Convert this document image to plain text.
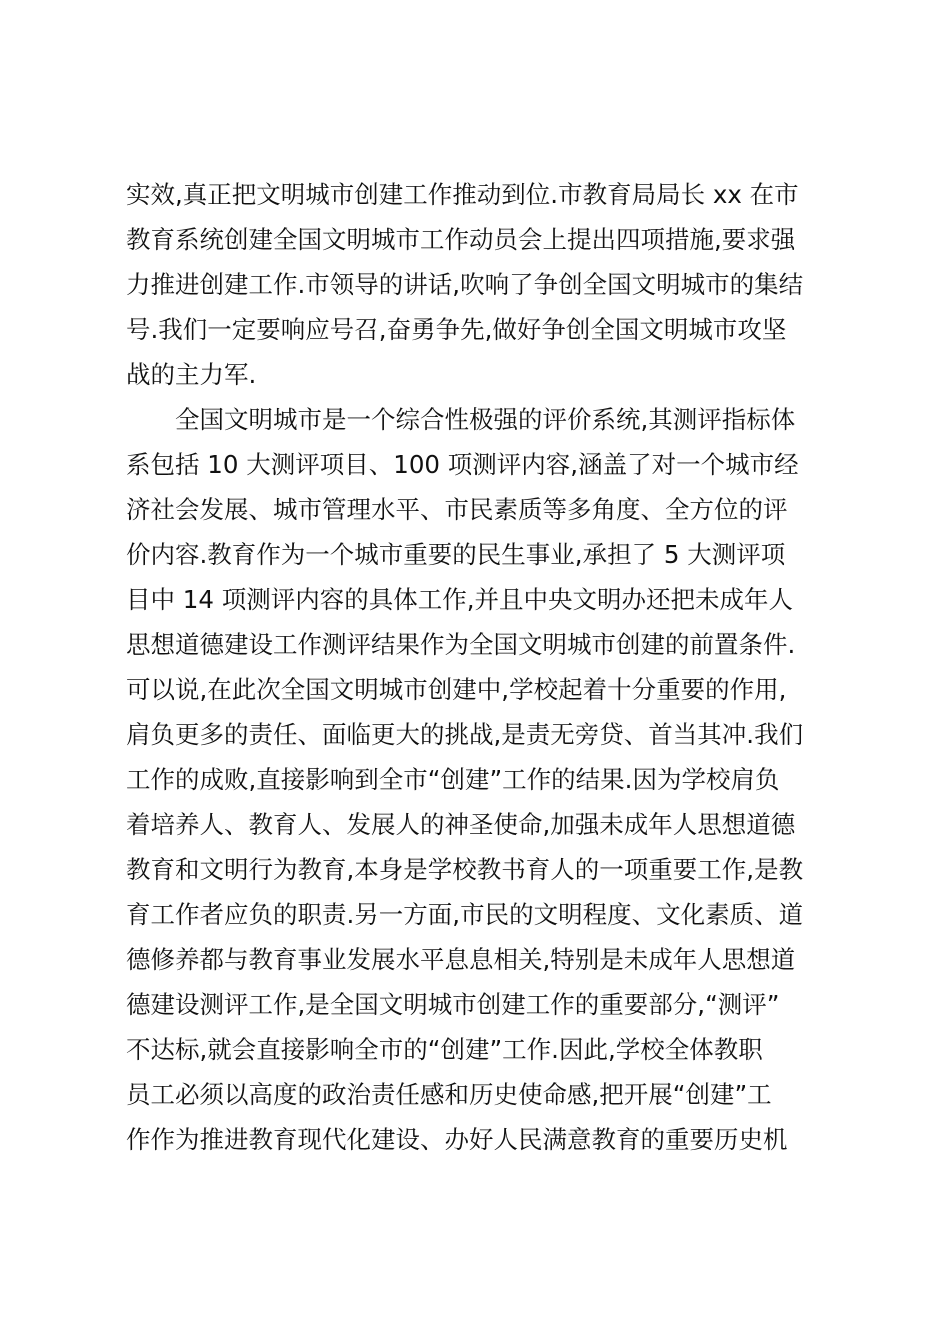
实效,真正把文明城市创建工作推动到位.市教育局局长 xx 在市

教育系统创建全国文明城市工作动员会上提出四项措施,要求强

力推进创建工作.市领导的讲话,吹响了争创全国文明城市的集结

号.我们一定要响应号召,奋勇争先,做好争创全国文明城市攻坚

战的主力军.

　　全国文明城市是一个综合性极强的评价系统,其测评指标体

系包括 10 大测评项目、100 项测评内容,涵盖了对一个城市经

济社会发展、城市管理水平、市民素质等多角度、全方位的评

价内容.教育作为一个城市重要的民生事业,承担了 5 大测评项

目中 14 项测评内容的具体工作,并且中央文明办还把未成年人

思想道德建设工作测评结果作为全国文明城市创建的前置条件.

可以说,在此次全国文明城市创建中,学校起着十分重要的作用,

肩负更多的责任、面临更大的挑战,是责无旁贷、首当其冲.我们

工作的成败,直接影响到全市“创建”工作的结果.因为学校肩负

着培养人、教育人、发展人的神圣使命,加强未成年人思想道德

教育和文明行为教育,本身是学校教书育人的一项重要工作,是教

育工作者应负的职责.另一方面,市民的文明程度、文化素质、道

德修养都与教育事业发展水平息息相关,特别是未成年人思想道

德建设测评工作,是全国文明城市创建工作的重要部分,“测评”

不达标,就会直接影响全市的“创建”工作.因此,学校全体教职

员工必须以高度的政治责任感和历史使命感,把开展“创建”工

作作为推进教育现代化建设、办好人民满意教育的重要历史机
